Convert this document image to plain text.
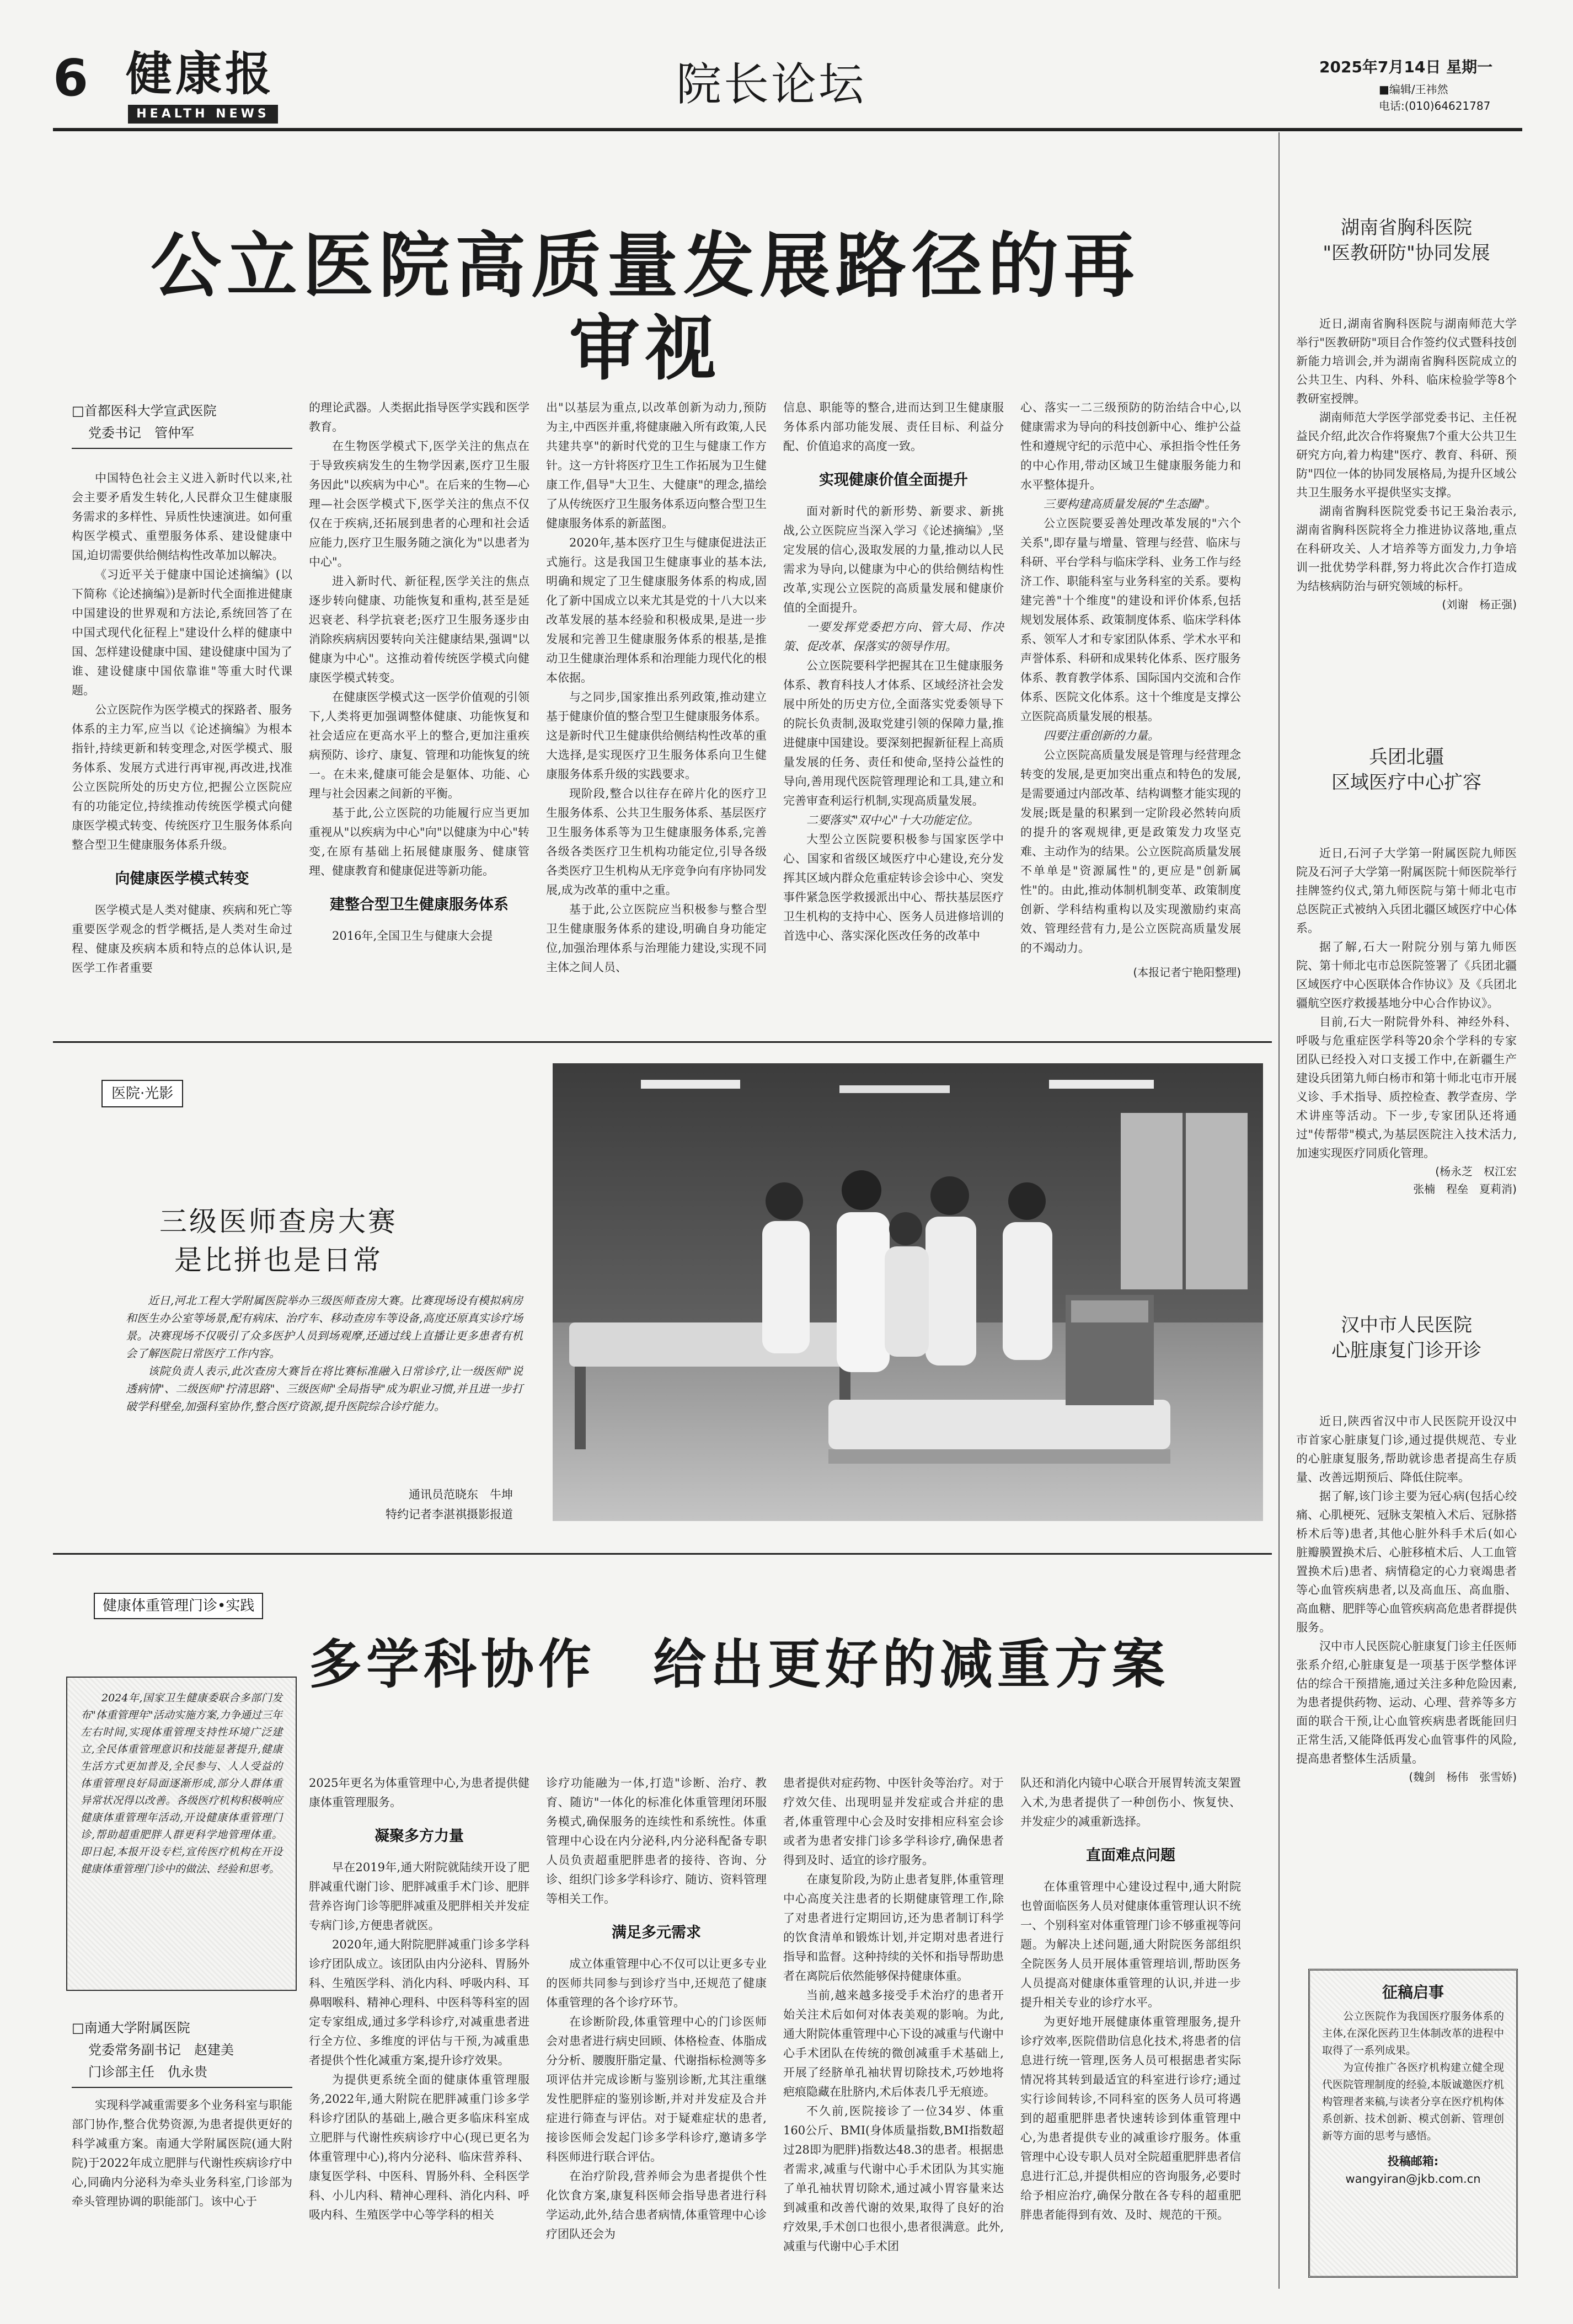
6 健康报
HEALTH NEWS
院长论坛	2025年7月14日 星期一
■编辑/王祎然
电话:(010)64621787
公立医院高质量发展路径的再审视
□首都医科大学宣武医院
党委书记　管仲军

中国特色社会主义进入新时代以来,社会主要矛盾发生转化,人民群众卫生健康服务需求的多样性、异质性快速演进。如何重构医学模式、重塑服务体系、建设健康中国,迫切需要供给侧结构性改革加以解决。

《习近平关于健康中国论述摘编》(以下简称《论述摘编》)是新时代全面推进健康中国建设的世界观和方法论,系统回答了在中国式现代化征程上"建设什么样的健康中国、怎样建设健康中国、建设健康中国为了谁、建设健康中国依靠谁"等重大时代课题。

公立医院作为医学模式的探路者、服务体系的主力军,应当以《论述摘编》为根本指针,持续更新和转变理念,对医学模式、服务体系、发展方式进行再审视,再改进,找准公立医院所处的历史方位,把握公立医院应有的功能定位,持续推动传统医学模式向健康医学模式转变、传统医疗卫生服务体系向整合型卫生健康服务体系升级。

向健康医学模式转变

医学模式是人类对健康、疾病和死亡等重要医学观念的哲学概括,是人类对生命过程、健康及疾病本质和特点的总体认识,是医学工作者重要

的理论武器。人类据此指导医学实践和医学教育。

在生物医学模式下,医学关注的焦点在于导致疾病发生的生物学因素,医疗卫生服务因此"以疾病为中心"。在后来的生物—心理—社会医学模式下,医学关注的焦点不仅仅在于疾病,还拓展到患者的心理和社会适应能力,医疗卫生服务随之演化为"以患者为中心"。

进入新时代、新征程,医学关注的焦点逐步转向健康、功能恢复和重构,甚至是延迟衰老、科学抗衰老;医疗卫生服务逐步由消除疾病病因要转向关注健康结果,强调"以健康为中心"。这推动着传统医学模式向健康医学模式转变。

在健康医学模式这一医学价值观的引领下,人类将更加强调整体健康、功能恢复和社会适应在更高水平上的整合,更加注重疾病预防、诊疗、康复、管理和功能恢复的统一。在未来,健康可能会是躯体、功能、心理与社会因素之间新的平衡。

基于此,公立医院的功能履行应当更加重视从"以疾病为中心"向"以健康为中心"转变,在原有基础上拓展健康服务、健康管理、健康教育和健康促进等新功能。

建整合型卫生健康服务体系

2016年,全国卫生与健康大会提

出"以基层为重点,以改革创新为动力,预防为主,中西医并重,将健康融入所有政策,人民共建共享"的新时代党的卫生与健康工作方针。这一方针将医疗卫生工作拓展为卫生健康工作,倡导"大卫生、大健康"的理念,描绘了从传统医疗卫生服务体系迈向整合型卫生健康服务体系的新蓝图。

2020年,基本医疗卫生与健康促进法正式施行。这是我国卫生健康事业的基本法,明确和规定了卫生健康服务体系的构成,固化了新中国成立以来尤其是党的十八大以来改革发展的基本经验和积极成果,是进一步发展和完善卫生健康服务体系的根基,是推动卫生健康治理体系和治理能力现代化的根本依据。

与之同步,国家推出系列政策,推动建立基于健康价值的整合型卫生健康服务体系。这是新时代卫生健康供给侧结构性改革的重大选择,是实现医疗卫生服务体系向卫生健康服务体系升级的实践要求。

现阶段,整合以往存在碎片化的医疗卫生服务体系、公共卫生服务体系、基层医疗卫生服务体系等为卫生健康服务体系,完善各级各类医疗卫生机构功能定位,引导各级各类医疗卫生机构从无序竞争向有序协同发展,成为改革的重中之重。

基于此,公立医院应当积极参与整合型卫生健康服务体系的建设,明确自身功能定位,加强治理体系与治理能力建设,实现不同主体之间人员、

信息、职能等的整合,进而达到卫生健康服务体系内部功能发展、责任目标、利益分配、价值追求的高度一致。

实现健康价值全面提升

面对新时代的新形势、新要求、新挑战,公立医院应当深入学习《论述摘编》,坚定发展的信心,汲取发展的力量,推动以人民需求为导向,以健康为中心的供给侧结构性改革,实现公立医院的高质量发展和健康价值的全面提升。

一要发挥党委把方向、管大局、作决策、促改革、保落实的领导作用。

公立医院要科学把握其在卫生健康服务体系、教育科技人才体系、区域经济社会发展中所处的历史方位,全面落实党委领导下的院长负责制,汲取党建引领的保障力量,推进健康中国建设。要深刻把握新征程上高质量发展的任务、责任和使命,坚持公益性的导向,善用现代医院管理理论和工具,建立和完善审查利运行机制,实现高质量发展。

二要落实"双中心"十大功能定位。

大型公立医院要积极参与国家医学中心、国家和省级区域医疗中心建设,充分发挥其区域内群众危重症转诊会诊中心、突发事件紧急医学救援派出中心、帮扶基层医疗卫生机构的支持中心、医务人员进修培训的首选中心、落实深化医改任务的改革中

心、落实一二三级预防的防治结合中心,以健康需求为导向的科技创新中心、维护公益性和遵规守纪的示范中心、承担指令性任务的中心作用,带动区域卫生健康服务能力和水平整体提升。

三要构建高质量发展的"生态圈"。

公立医院要妥善处理改革发展的"六个关系",即存量与增量、管理与经营、临床与科研、平台学科与临床学科、业务工作与经济工作、职能科室与业务科室的关系。要构建完善"十个维度"的建设和评价体系,包括规划发展体系、政策制度体系、临床学科体系、领军人才和专家团队体系、学术水平和声誉体系、科研和成果转化体系、医疗服务体系、教育教学体系、国际国内交流和合作体系、医院文化体系。这十个维度是支撑公立医院高质量发展的根基。

四要注重创新的力量。

公立医院高质量发展是管理与经营理念转变的发展,是更加突出重点和特色的发展,是需要通过内部改革、结构调整才能实现的发展;既是量的积累到一定阶段必然转向质的提升的客观规律,更是政策发力攻坚克难、主动作为的结果。公立医院高质量发展不单单是"资源属性"的,更应是"创新属性"的。由此,推动体制机制变革、政策制度创新、学科结构重构以及实现激励约束高效、管理经营有力,是公立医院高质量发展的不竭动力。

(本报记者宁艳阳整理)
湖南省胸科医院
"医教研防"协同发展

近日,湖南省胸科医院与湖南师范大学举行"医教研防"项目合作签约仪式暨科技创新能力培训会,并为湖南省胸科医院成立的公共卫生、内科、外科、临床检验学等8个教研室授牌。

湖南师范大学医学部党委书记、主任祝益民介绍,此次合作将聚焦7个重大公共卫生研究方向,着力构建"医疗、教育、科研、预防"四位一体的协同发展格局,为提升区域公共卫生服务水平提供坚实支撑。

湖南省胸科医院党委书记王枭治表示,湖南省胸科医院将全力推进协议落地,重点在科研攻关、人才培养等方面发力,力争培训一批优势学科群,努力将此次合作打造成为结核病防治与研究领域的标杆。

(刘谢　杨正强)
兵团北疆
区域医疗中心扩容

近日,石河子大学第一附属医院九师医院及石河子大学第一附属医院十师医院举行挂牌签约仪式,第九师医院与第十师北屯市总医院正式被纳入兵团北疆区域医疗中心体系。

据了解,石大一附院分别与第九师医院、第十师北屯市总医院签署了《兵团北疆区域医疗中心医联体合作协议》及《兵团北疆航空医疗救援基地分中心合作协议》。

目前,石大一附院骨外科、神经外科、呼吸与危重症医学科等20余个学科的专家团队已经投入对口支援工作中,在新疆生产建设兵团第九师白杨市和第十师北屯市开展义诊、手术指导、质控检查、教学查房、学术讲座等活动。下一步,专家团队还将通过"传帮带"模式,为基层医院注入技术活力,加速实现医疗同质化管理。

(杨永芝　权江宏
张楠　程垒　夏莉消)
汉中市人民医院
心脏康复门诊开诊

近日,陕西省汉中市人民医院开设汉中市首家心脏康复门诊,通过提供规范、专业的心脏康复服务,帮助就诊患者提高生存质量、改善远期预后、降低住院率。

据了解,该门诊主要为冠心病(包括心绞痛、心肌梗死、冠脉支架植入术后、冠脉搭桥术后等)患者,其他心脏外科手术后(如心脏瓣膜置换术后、心脏移植术后、人工血管置换术后)患者、病情稳定的心力衰竭患者等心血管疾病患者,以及高血压、高血脂、高血糖、肥胖等心血管疾病高危患者群提供服务。

汉中市人民医院心脏康复门诊主任医师张系介绍,心脏康复是一项基于医学整体评估的综合干预措施,通过关注多种危险因素,为患者提供药物、运动、心理、营养等多方面的联合干预,让心血管疾病患者既能回归正常生活,又能降低再发心血管事件的风险,提高患者整体生活质量。

(魏剑　杨伟　张雪娇)
征稿启事

公立医院作为我国医疗服务体系的主体,在深化医药卫生体制改革的进程中取得了一系列成果。

为宣传推广各医疗机构建立健全现代医院管理制度的经验,本版诚邀医疗机构管理者来稿,与读者分享在医疗机构体系创新、技术创新、模式创新、管理创新等方面的思考与感悟。

投稿邮箱:
wangyiran@jkb.com.cn
医院·光影
三级医师查房大赛
是比拼也是日常

近日,河北工程大学附属医院举办三级医师查房大赛。比赛现场设有模拟病房和医生办公室等场景,配有病床、治疗车、移动查房车等设备,高度还原真实诊疗场景。决赛现场不仅吸引了众多医护人员到场观摩,还通过线上直播让更多患者有机会了解医院日常医疗工作内容。

该院负责人表示,此次查房大赛旨在将比赛标准融入日常诊疗,让一级医师"说透病情"、二级医师"拧清思路"、三级医师"全局指导"成为职业习惯,并且进一步打破学科壁垒,加强科室协作,整合医疗资源,提升医院综合诊疗能力。

通讯员范晓东　牛坤
特约记者李湛祺摄影报道
健康体重管理门诊•实践
多学科协作　给出更好的减重方案
2024年,国家卫生健康委联合多部门发布"体重管理年"活动实施方案,力争通过三年左右时间,实现体重管理支持性环境广泛建立,全民体重管理意识和技能显著提升,健康生活方式更加普及,全民参与、人人受益的体重管理良好局面逐渐形成,部分人群体重异常状况得以改善。各级医疗机构积极响应健康体重管理年活动,开设健康体重管理门诊,帮助超重肥胖人群更科学地管理体重。即日起,本报开设专栏,宣传医疗机构在开设健康体重管理门诊中的做法、经验和思考。
□南通大学附属医院
党委常务副书记　赵建美
门诊部主任　仇永贵

实现科学减重需要多个业务科室与职能部门协作,整合优势资源,为患者提供更好的科学减重方案。南通大学附属医院(通大附院)于2022年成立肥胖与代谢性疾病诊疗中心,同确内分泌科为牵头业务科室,门诊部为牵头管理协调的职能部门。该中心于

2025年更名为体重管理中心,为患者提供健康体重管理服务。

凝聚多方力量

早在2019年,通大附院就陆续开设了肥胖减重代谢门诊、肥胖减重手术门诊、肥胖营养咨询门诊等肥胖减重及肥胖相关并发症专病门诊,方便患者就医。

2020年,通大附院肥胖减重门诊多学科诊疗团队成立。该团队由内分泌科、胃肠外科、生殖医学科、消化内科、呼吸内科、耳鼻咽喉科、精神心理科、中医科等科室的固定专家组成,通过多学科诊疗,对减重患者进行全方位、多维度的评估与干预,为减重患者提供个性化减重方案,提升诊疗效果。

为提供更系统全面的健康体重管理服务,2022年,通大附院在肥胖减重门诊多学科诊疗团队的基础上,融合更多临床科室成立肥胖与代谢性疾病诊疗中心(现已更名为体重管理中心),将内分泌科、临床营养科、康复医学科、中医科、胃肠外科、全科医学科、小儿内科、精神心理科、消化内科、呼吸内科、生殖医学中心等学科的相关

诊疗功能融为一体,打造"诊断、治疗、教育、随访"一体化的标准化体重管理闭环服务模式,确保服务的连续性和系统性。体重管理中心设在内分泌科,内分泌科配备专职人员负责超重肥胖患者的接待、咨询、分诊、组织门诊多学科诊疗、随访、资料管理等相关工作。

满足多元需求

成立体重管理中心不仅可以让更多专业的医师共同参与到诊疗当中,还规范了健康体重管理的各个诊疗环节。

在诊断阶段,体重管理中心的门诊医师会对患者进行病史回顾、体格检查、体脂成分分析、腰腹肝脂定量、代谢指标检测等多项评估并完成诊断与鉴别诊断,尤其注重继发性肥胖症的鉴别诊断,并对并发症及合并症进行筛查与评估。对于疑难症状的患者,接诊医师会发起门诊多学科诊疗,邀请多学科医师进行联合评估。

在治疗阶段,营养师会为患者提供个性化饮食方案,康复科医师会指导患者进行科学运动,此外,结合患者病情,体重管理中心诊疗团队还会为

患者提供对症药物、中医针灸等治疗。对于疗效欠佳、出现明显并发症或合并症的患者,体重管理中心会及时安排相应科室会诊或者为患者安排门诊多学科诊疗,确保患者得到及时、适宜的诊疗服务。

在康复阶段,为防止患者复胖,体重管理中心高度关注患者的长期健康管理工作,除了对患者进行定期回访,还为患者制订科学的饮食清单和锻炼计划,并定期对患者进行指导和监督。这种持续的关怀和指导帮助患者在离院后依然能够保持健康体重。

当前,越来越多接受手术治疗的患者开始关注术后如何对体表美观的影响。为此,通大附院体重管理中心下设的减重与代谢中心手术团队在传统的微创减重手术基础上,开展了经脐单孔袖状胃切除技术,巧妙地将疤痕隐藏在肚脐内,术后体表几乎无痕迹。

不久前,医院接诊了一位34岁、体重160公斤、BMI(身体质量指数,BMI指数超过28即为肥胖)指数达48.3的患者。根据患者需求,减重与代谢中心手术团队为其实施了单孔袖状胃切除术,通过减小胃容量来达到减重和改善代谢的效果,取得了良好的治疗效果,手术创口也很小,患者很满意。此外,减重与代谢中心手术团

队还和消化内镜中心联合开展胃转流支架置入术,为患者提供了一种创伤小、恢复快、并发症少的减重新选择。

直面难点问题

在体重管理中心建设过程中,通大附院也曾面临医务人员对健康体重管理认识不统一、个别科室对体重管理门诊不够重视等问题。为解决上述问题,通大附院医务部组织全院医务人员开展体重管理培训,帮助医务人员提高对健康体重管理的认识,并进一步提升相关专业的诊疗水平。

为更好地开展健康体重管理服务,提升诊疗效率,医院借助信息化技术,将患者的信息进行统一管理,医务人员可根据患者实际情况将其转到最适宜的科室进行诊疗;通过实行诊间转诊,不同科室的医务人员可将遇到的超重肥胖患者快速转诊到体重管理中心,为患者提供专业的减重诊疗服务。体重管理中心设专职人员对全院超重肥胖患者信息进行汇总,并提供相应的咨询服务,必要时给予相应治疗,确保分散在各专科的超重肥胖患者能得到有效、及时、规范的干预。
